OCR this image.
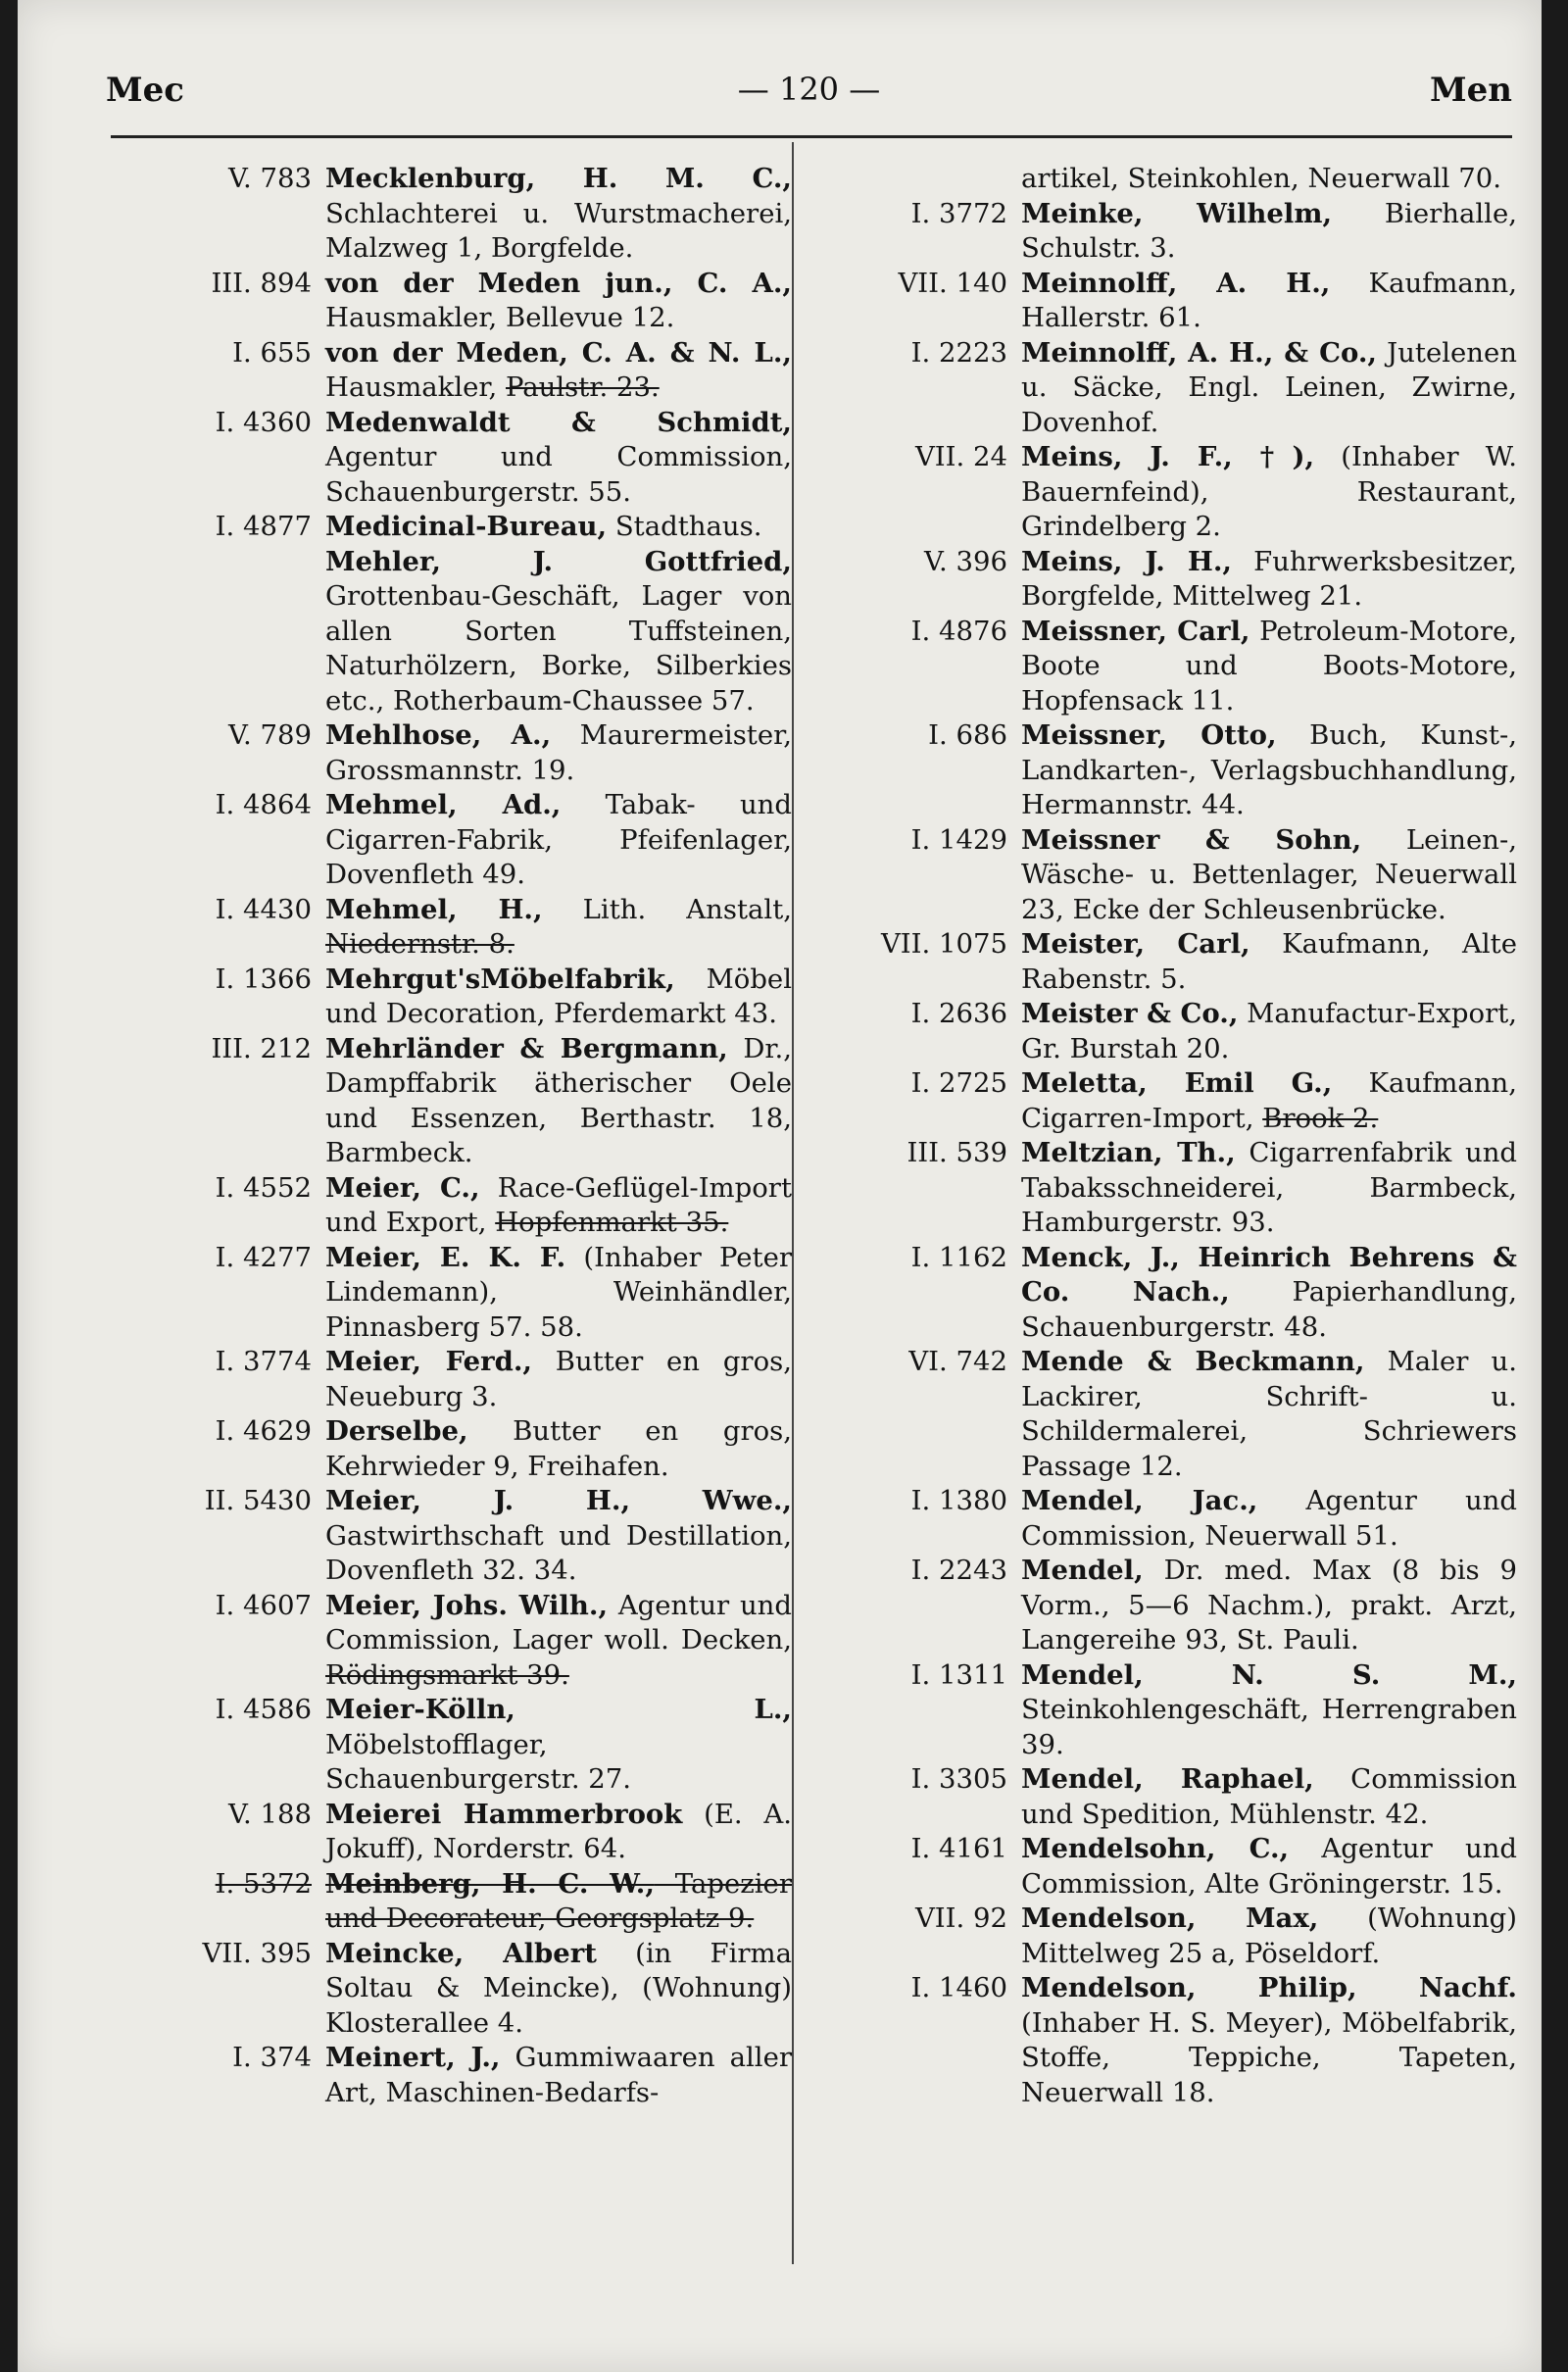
Mec	— 120 —	Men
V. 783 Mecklenburg, H. M. C., Schlachterei u. Wurstmacherei, Malzweg 1, Borgfelde.
III. 894 von der Meden jun., C. A., Hausmakler, Bellevue 12.
I. 655 von der Meden, C. A. & N. L., Hausmakler, Paulstr. 23.
I. 4360 Medenwaldt & Schmidt, Agentur und Commission, Schauenburgerstr. 55.
I. 4877 Medicinal-Bureau, Stadthaus.
Mehler, J. Gottfried, Grottenbau-Geschäft, Lager von allen Sorten Tuffsteinen, Naturhölzern, Borke, Silberkies etc., Rotherbaum-Chaussee 57.
V. 789 Mehlhose, A., Maurermeister, Grossmannstr. 19.
I. 4864 Mehmel, Ad., Tabak- und Cigarren-Fabrik, Pfeifenlager, Dovenfleth 49.
I. 4430 Mehmel, H., Lith. Anstalt, Niedernstr. 8.
I. 1366 Mehrgut'sMöbelfabrik, Möbel und Decoration, Pferdemarkt 43.
III. 212 Mehrländer & Bergmann, Dr., Dampffabrik ätherischer Oele und Essenzen, Berthastr. 18, Barmbeck.
I. 4552 Meier, C., Race-Geflügel-Import und Export, Hopfenmarkt 35.
I. 4277 Meier, E. K. F. (Inhaber Peter Lindemann), Weinhändler, Pinnasberg 57. 58.
I. 3774 Meier, Ferd., Butter en gros, Neueburg 3.
I. 4629 Derselbe, Butter en gros, Kehrwieder 9, Freihafen.
II. 5430 Meier, J. H., Wwe., Gastwirthschaft und Destillation, Dovenfleth 32. 34.
I. 4607 Meier, Johs. Wilh., Agentur und Commission, Lager woll. Decken, Rödingsmarkt 39.
I. 4586 Meier-Kölln, L., Möbelstofflager, Schauenburgerstr. 27.
V. 188 Meierei Hammerbrook (E. A. Jokuff), Norderstr. 64.
I. 5372 Meinberg, H. C. W., Tapezier und Decorateur, Georgsplatz 9.
VII. 395 Meincke, Albert (in Firma Soltau & Meincke), (Wohnung) Klosterallee 4.
I. 374 Meinert, J., Gummiwaaren aller Art, Maschinen-Bedarfs-
artikel, Steinkohlen, Neuerwall 70.
I. 3772 Meinke, Wilhelm, Bierhalle, Schulstr. 3.
VII. 140 Meinnolff, A. H., Kaufmann, Hallerstr. 61.
I. 2223 Meinnolff, A. H., & Co., Jutelenen u. Säcke, Engl. Leinen, Zwirne, Dovenhof.
VII. 24 Meins, J. F., †), (Inhaber W. Bauernfeind), Restaurant, Grindelberg 2.
V. 396 Meins, J. H., Fuhrwerksbesitzer, Borgfelde, Mittelweg 21.
I. 4876 Meissner, Carl, Petroleum-Motore, Boote und Boots-Motore, Hopfensack 11.
I. 686 Meissner, Otto, Buch, Kunst-, Landkarten-, Verlagsbuchhandlung, Hermannstr. 44.
I. 1429 Meissner & Sohn, Leinen-, Wäsche- u. Bettenlager, Neuerwall 23, Ecke der Schleusenbrücke.
VII. 1075 Meister, Carl, Kaufmann, Alte Rabenstr. 5.
I. 2636 Meister & Co., Manufactur-Export, Gr. Burstah 20.
I. 2725 Meletta, Emil G., Kaufmann, Cigarren-Import, Brook 2.
III. 539 Meltzian, Th., Cigarrenfabrik und Tabaksschneiderei, Barmbeck, Hamburgerstr. 93.
I. 1162 Menck, J., Heinrich Behrens & Co. Nach., Papierhandlung, Schauenburgerstr. 48.
VI. 742 Mende & Beckmann, Maler u. Lackirer, Schrift- u. Schildermalerei, Schriewers Passage 12.
I. 1380 Mendel, Jac., Agentur und Commission, Neuerwall 51.
I. 2243 Mendel, Dr. med. Max (8 bis 9 Vorm., 5—6 Nachm.), prakt. Arzt, Langereihe 93, St. Pauli.
I. 1311 Mendel, N. S. M., Steinkohlengeschäft, Herrengraben 39.
I. 3305 Mendel, Raphael, Commission und Spedition, Mühlenstr. 42.
I. 4161 Mendelsohn, C., Agentur und Commission, Alte Gröningerstr. 15.
VII. 92 Mendelson, Max, (Wohnung) Mittelweg 25 a, Pöseldorf.
I. 1460 Mendelson, Philip, Nachf. (Inhaber H. S. Meyer), Möbelfabrik, Stoffe, Teppiche, Tapeten, Neuerwall 18.
